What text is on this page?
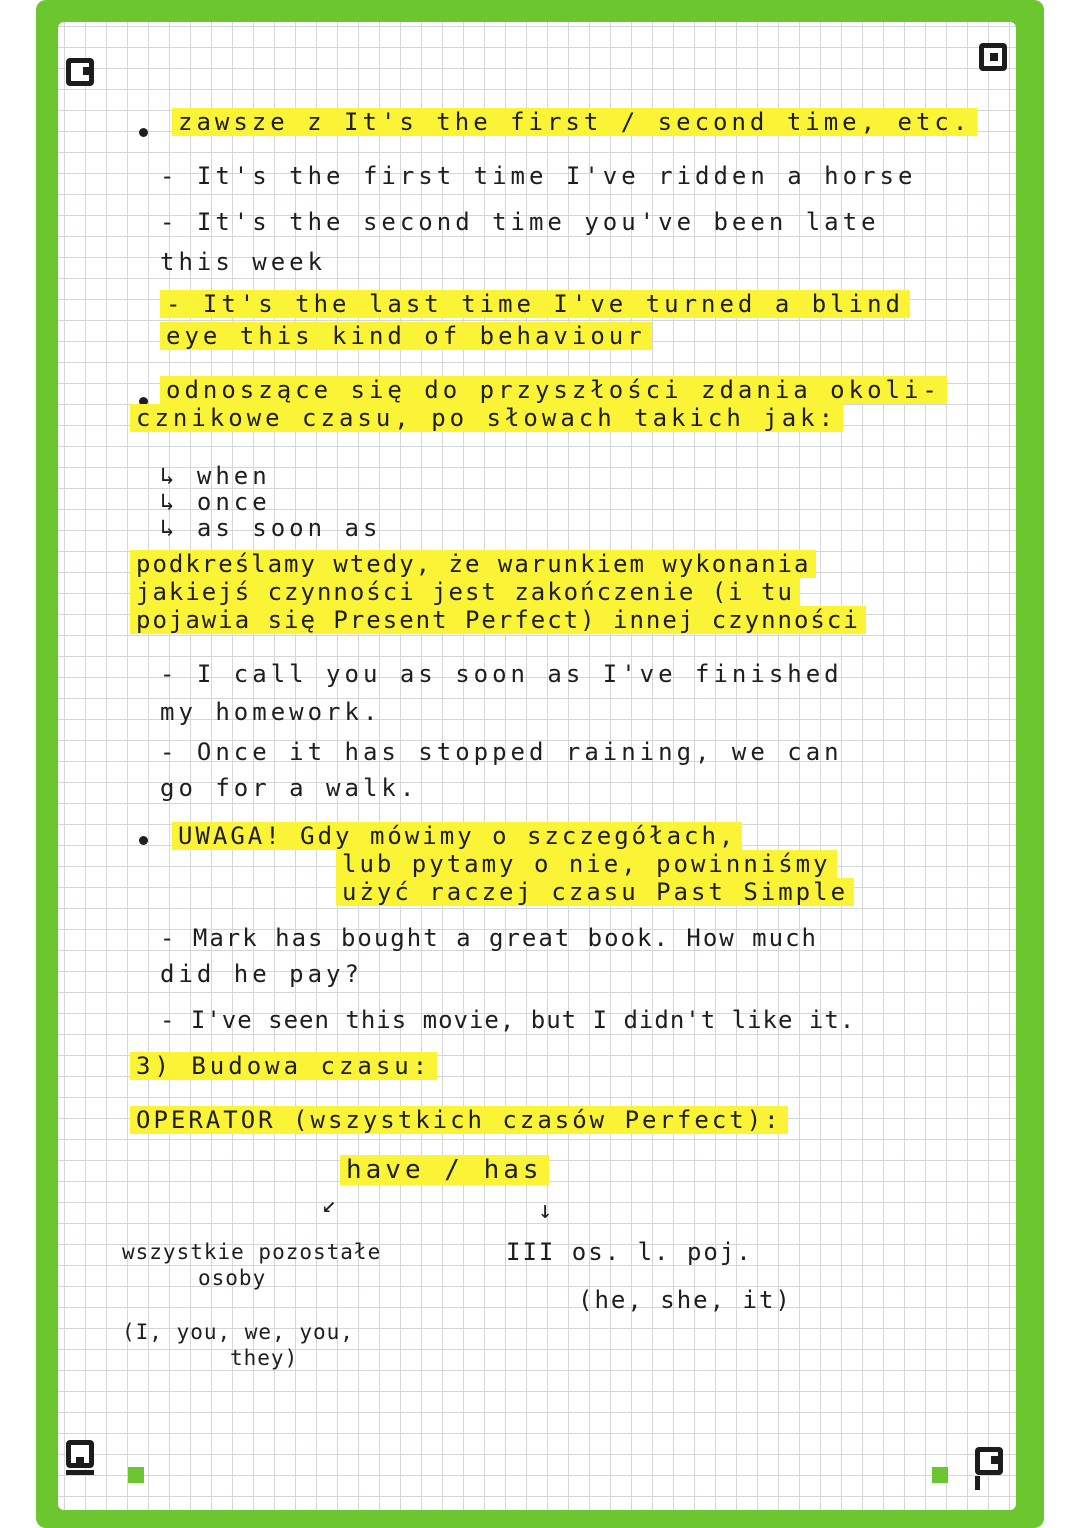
zawsze z It's the first / second time, etc.
- It's the first time I've ridden a horse
- It's the second time you've been late
this week
- It's the last time I've turned a blind
eye this kind of behaviour
odnoszące się do przyszłości zdania okoli-
cznikowe czasu, po słowach takich jak:
↳ when
↳ once
↳ as soon as
podkreślamy wtedy, że warunkiem wykonania
jakiejś czynności jest zakończenie (i tu
pojawia się Present Perfect) innej czynności
- I call you as soon as I've finished
my homework.
- Once it has stopped raining, we can
go for a walk.
UWAGA! Gdy mówimy o szczegółach,
lub pytamy o nie, powinniśmy
użyć raczej czasu Past Simple
- Mark has bought a great book. How much
did he pay?
- I've seen this movie, but I didn't like it.
3) Budowa czasu:
OPERATOR (wszystkich czasów Perfect):
have / has
↙	↓
wszystkie pozostałe
osoby
III os. l. poj.
(he, she, it)
(I, you, we, you,
they)
